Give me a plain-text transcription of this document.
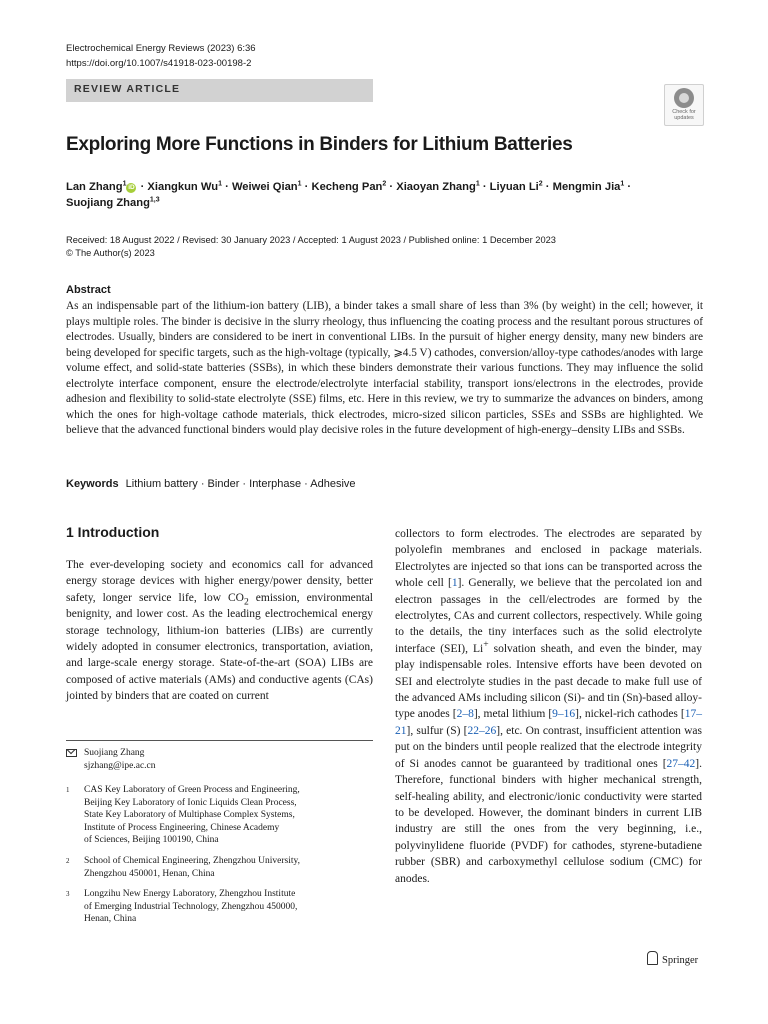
Electrochemical Energy Reviews (2023) 6:36
https://doi.org/10.1007/s41918-023-00198-2
REVIEW ARTICLE
Check for
updates
Exploring More Functions in Binders for Lithium Batteries
Lan Zhang$^1$iD · Xiangkun $Wu^1$ · Weiwei Qian$^1$ · Kecheng Pan$^2$ · Xiaoyan Zhang$^1$ · Liyuan $Li^2$ · Mengmin Jia$^1$ ·
Suojiang Zhang$^{1,3}$
Received: 18 August 2022 / Revised: 30 January 2023 / Accepted: 1 August 2023 / Published online: 1 December 2023
© The Author(s) 2023
Abstract
As an indispensable part of the lithium-ion battery (LIB), a binder takes a small share of less than 3% (by weight) in the cell; however, it plays multiple roles. The binder is decisive in the slurry rheology, thus influencing the coating process and the resultant porous structures of electrodes. Usually, binders are considered to be inert in conventional LIBs. In the pursuit of higher energy density, many new binders are being developed for specific targets, such as the high-voltage (typically, ⩾4.5 V) cathodes, conversion/alloy-type cathodes/anodes with large volume effect, and solid-state batteries (SSBs), in which these binders demonstrate their various functions. They may influence the solid electrolyte interface component, ensure the electrode/electrolyte interfacial stability, transport ions/electrons in the electrodes, provide adhesion and flexibility to solid-state electrolyte (SSE) films, etc. Here in this review, we try to summarize the advances on binders, among which the ones for high-voltage cathode materials, thick electrodes, micro-sized silicon particles, SSEs and SSBs are highlighted. We believe that the advanced functional binders would play decisive roles in the future development of high-energy–density LIBs and SSBs.
Keywords Lithium battery · Binder · Interphase · Adhesive
1 Introduction

The ever-developing society and economics call for advanced energy storage devices with higher energy/power density, better safety, longer service life, low $CO_2$ emission, environmental benignity, and lower cost. As the leading electrochemical energy storage technology, lithium-ion batteries (LIBs) are currently widely adopted in consumer electronics, transportation, aviation, and large-scale energy storage. State-of-the-art (SOA) LIBs are composed of active materials (AMs) and conductive agents (CAs) jointed by binders that are coated on current

collectors to form electrodes. The electrodes are separated by polyolefin membranes and enclosed in package materials. Electrolytes are injected so that ions can be transported across the whole cell [1]. Generally, we believe that the percolated ion and electron passages in the cell/electrodes are formed by the electrolytes, CAs and current collectors, respectively. While going to the details, the tiny interfaces such as the solid electrolyte interface (SEI), Li+ solvation sheath, and even the binder, may play indispensable roles. Intensive efforts have been devoted on SEI and electrolyte studies in the past decade to make full use of the advanced AMs including silicon (Si)- and tin (Sn)-based alloy-type anodes [2–8], metal lithium [9–16], nickel-rich cathodes [17–21], sulfur (S) [22–26], etc. On contrast, insufficient attention was put on the binders until people realized that the electrode integrity of Si anodes cannot be guaranteed by traditional ones [27–42]. Therefore, functional binders with higher mechanical strength, self-healing ability, and electronic/ionic conductivity were started to be developed. However, the dominant binders in current LIB industry are still the ones from the very beginning, i.e., polyvinylidene fluoride (PVDF) for cathodes, styrene-butadiene rubber (SBR) and carboxymethyl cellulose sodium (CMC) for anodes.

Suojiang Zhang
sjzhang@ipe.ac.cn
1 CAS Key Laboratory of Green Process and Engineering,
Beijing Key Laboratory of Ionic Liquids Clean Process,
State Key Laboratory of Multiphase Complex Systems,
Institute of Process Engineering, Chinese Academy
of Sciences, Beijing 100190, China
2 School of Chemical Engineering, Zhengzhou University,
Zhengzhou 450001, Henan, China
3 Longzihu New Energy Laboratory, Zhengzhou Institute
of Emerging Industrial Technology, Zhengzhou 450000,
Henan, China
Springer
